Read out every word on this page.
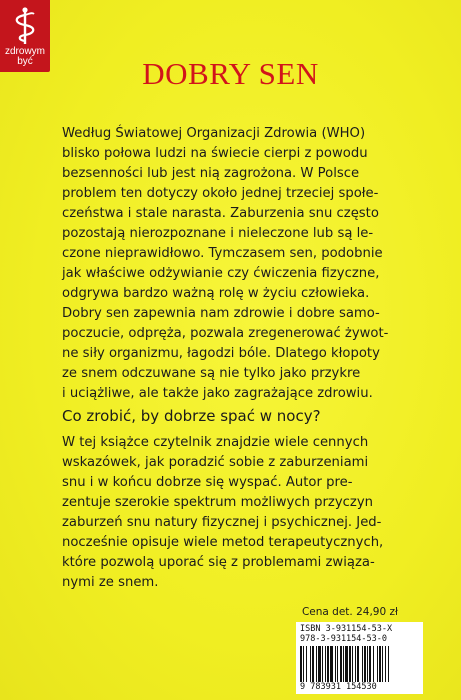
zdrowym
być	DOBRY SEN

Według Światowej Organizacji Zdrowia (WHO)
blisko połowa ludzi na świecie cierpi z powodu
bezsenności lub jest nią zagrożona. W Polsce
problem ten dotyczy około jednej trzeciej społe-
czeństwa i stale narasta. Zaburzenia snu często
pozostają nierozpoznane i nieleczone lub są le-
czone nieprawidłowo. Tymczasem sen, podobnie
jak właściwe odżywianie czy ćwiczenia fizyczne,
odgrywa bardzo ważną rolę w życiu człowieka.
Dobry sen zapewnia nam zdrowie i dobre samo-
poczucie, odpręża, pozwala zregenerować żywot-
ne siły organizmu, łagodzi bóle. Dlatego kłopoty
ze snem odczuwane są nie tylko jako przykre
i uciążliwe, ale także jako zagrażające zdrowiu.

Co zrobić, by dobrze spać w nocy?

W tej książce czytelnik znajdzie wiele cennych
wskazówek, jak poradzić sobie z zaburzeniami
snu i w końcu dobrze się wyspać. Autor pre-
zentuje szerokie spektrum możliwych przyczyn
zaburzeń snu natury fizycznej i psychicznej. Jed-
nocześnie opisuje wiele metod terapeutycznych,
które pozwolą uporać się z problemami związa-
nymi ze snem.

Cena det. 24,90 zł
ISBN 3-931154-53-X
978-3-931154-53-0
9 783931 154530
